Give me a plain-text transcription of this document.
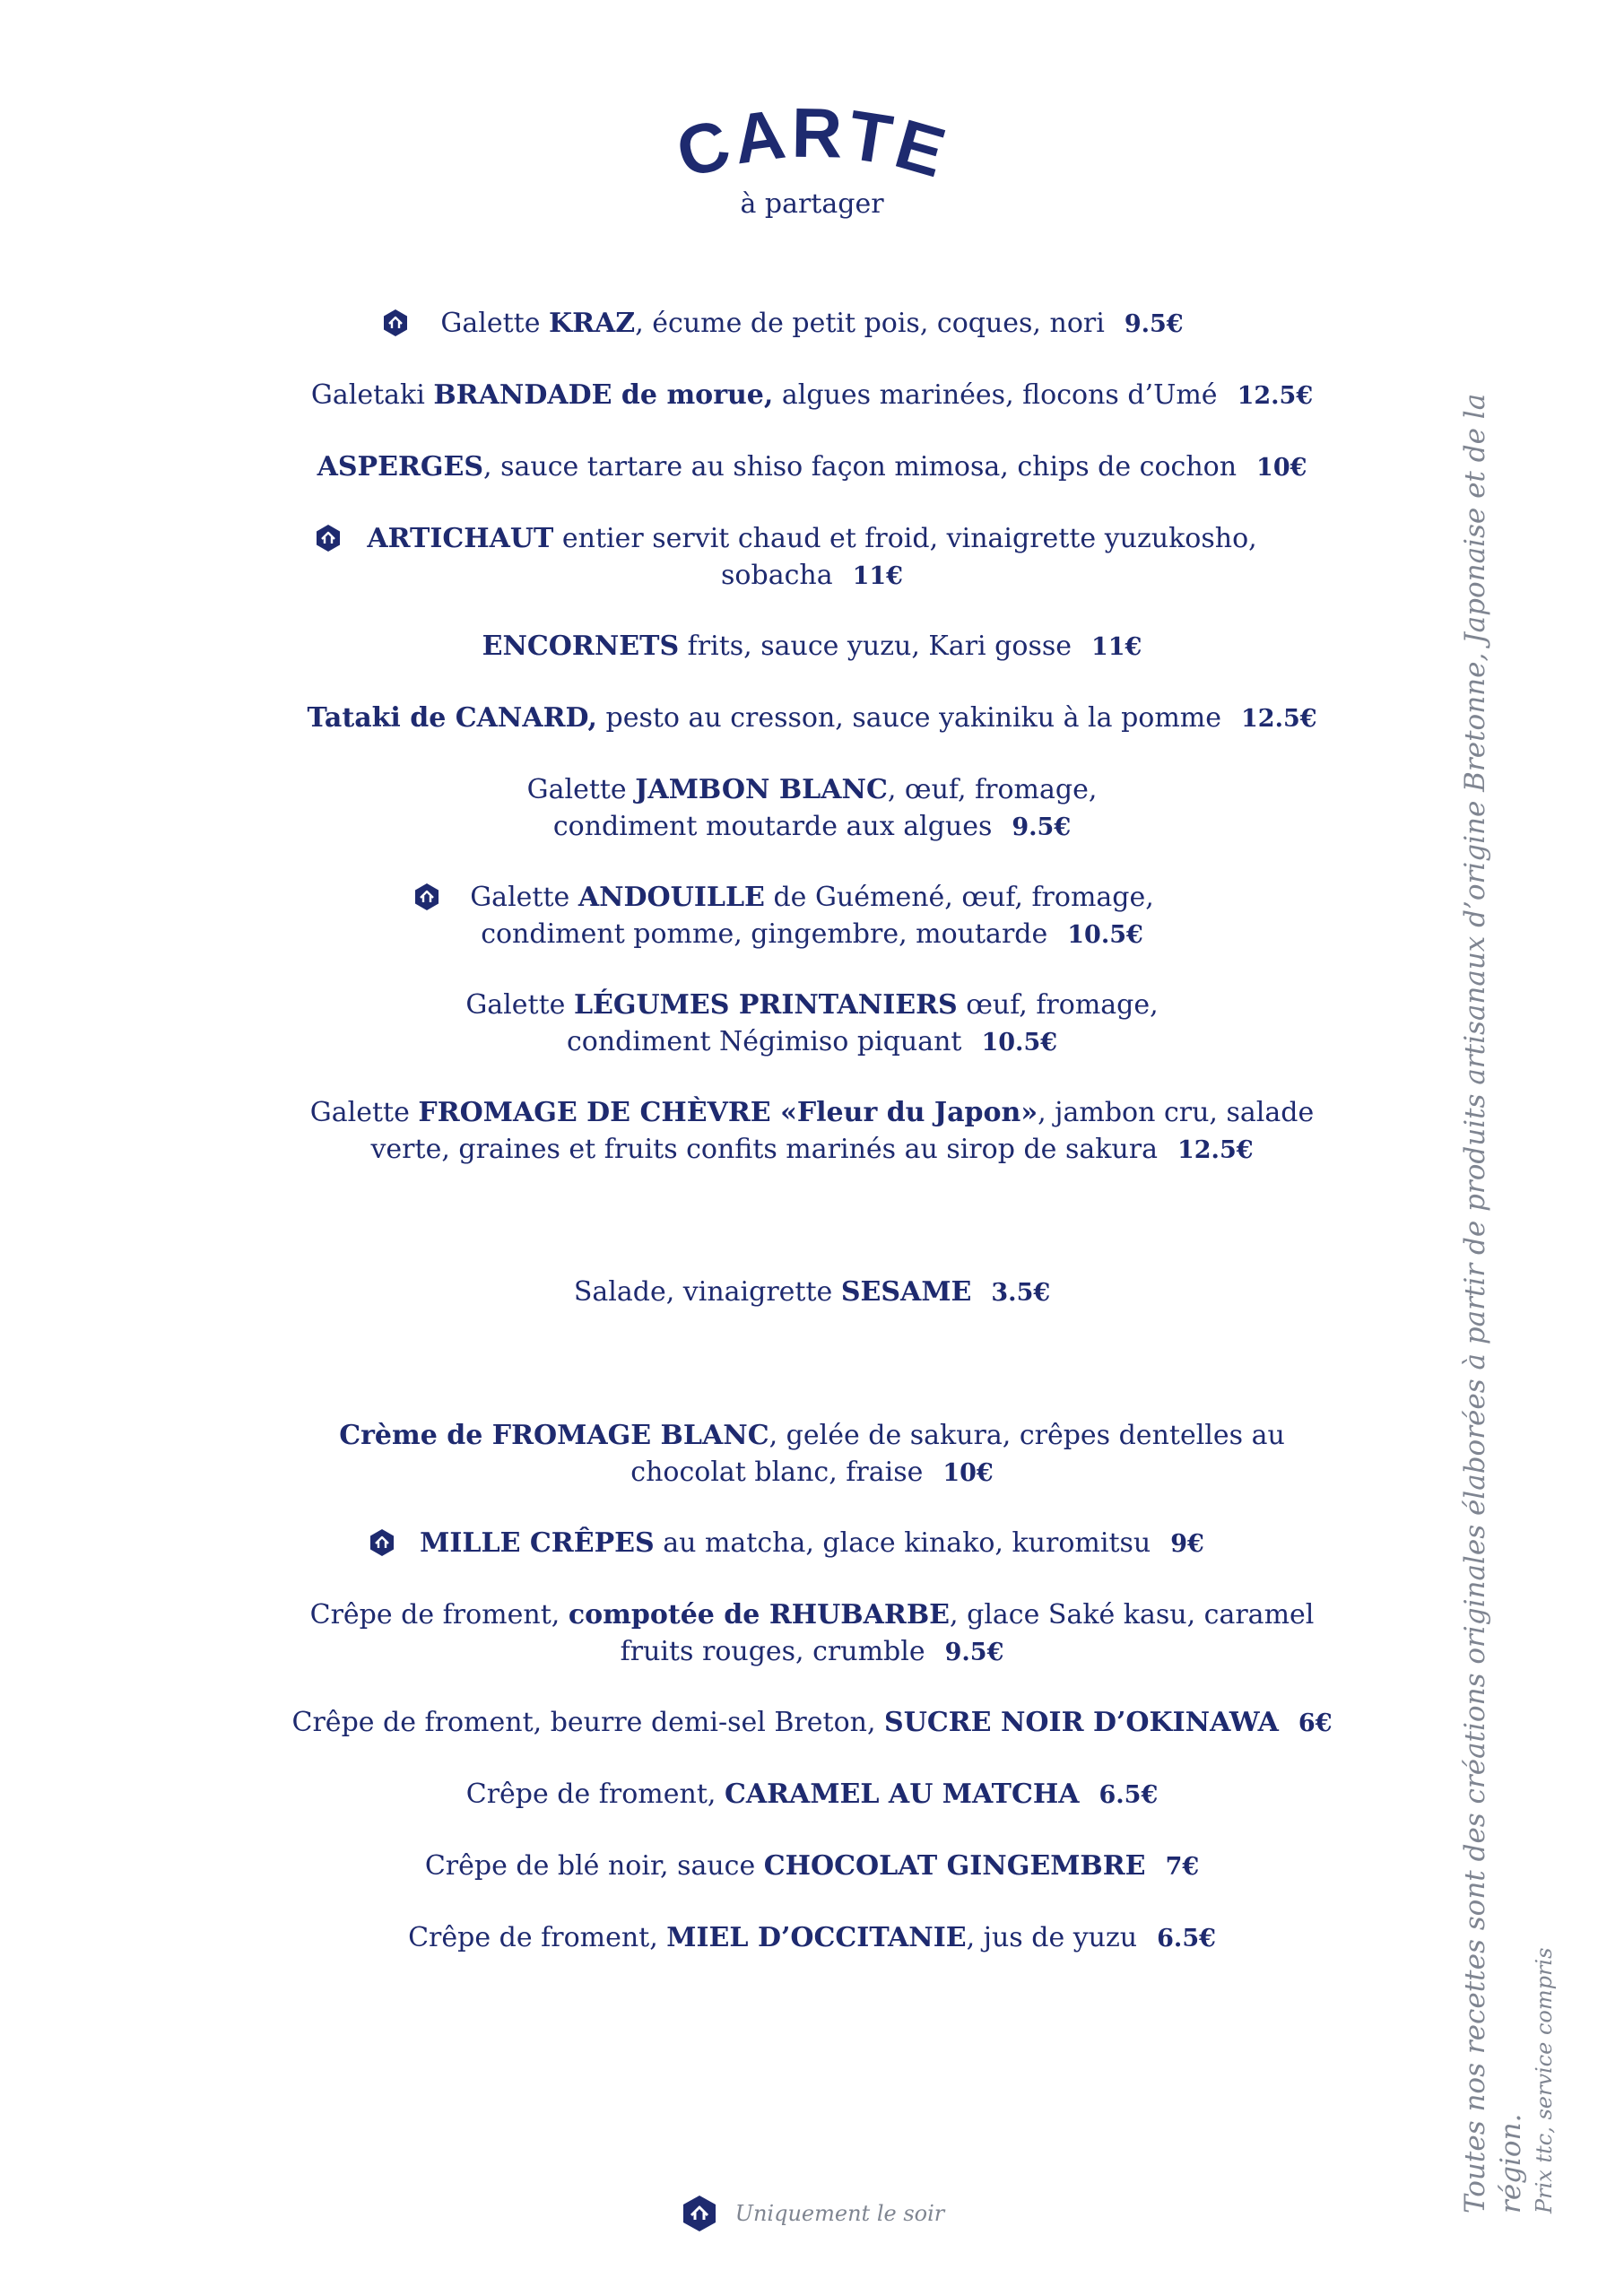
CARTE
à partager
Galette KRAZ, écume de petit pois, coques, nori 9.5€
Galetaki BRANDADE de morue, algues marinées, flocons d’Umé 12.5€
ASPERGES, sauce tartare au shiso façon mimosa, chips de cochon 10€
ARTICHAUT entier servit chaud et froid, vinaigrette yuzukosho,
sobacha 11€
ENCORNETS frits, sauce yuzu, Kari gosse 11€
Tataki de CANARD, pesto au cresson, sauce yakiniku à la pomme 12.5€
Galette JAMBON BLANC, œuf, fromage,
condiment moutarde aux algues 9.5€
Galette ANDOUILLE de Guémené, œuf, fromage,
condiment pomme, gingembre, moutarde 10.5€
Galette LÉGUMES PRINTANIERS œuf, fromage,
condiment Négimiso piquant 10.5€
Galette FROMAGE DE CHÈVRE «Fleur du Japon», jambon cru, salade
verte, graines et fruits confits marinés au sirop de sakura 12.5€
Salade, vinaigrette SESAME 3.5€
Crème de FROMAGE BLANC, gelée de sakura, crêpes dentelles au
chocolat blanc, fraise 10€
MILLE CRÊPES au matcha, glace kinako, kuromitsu 9€
Crêpe de froment, compotée de RHUBARBE, glace Saké kasu, caramel
fruits rouges, crumble 9.5€
Crêpe de froment, beurre demi-sel Breton, SUCRE NOIR D’OKINAWA 6€
Crêpe de froment, CARAMEL AU MATCHA 6.5€
Crêpe de blé noir, sauce CHOCOLAT GINGEMBRE 7€
Crêpe de froment, MIEL D’OCCITANIE, jus de yuzu 6.5€	Toutes nos recettes sont des créations originales élaborées à partir de produits artisanaux d’origine Bretonne, Japonaise et de la région. Prix ttc, service compris
Uniquement le soir
